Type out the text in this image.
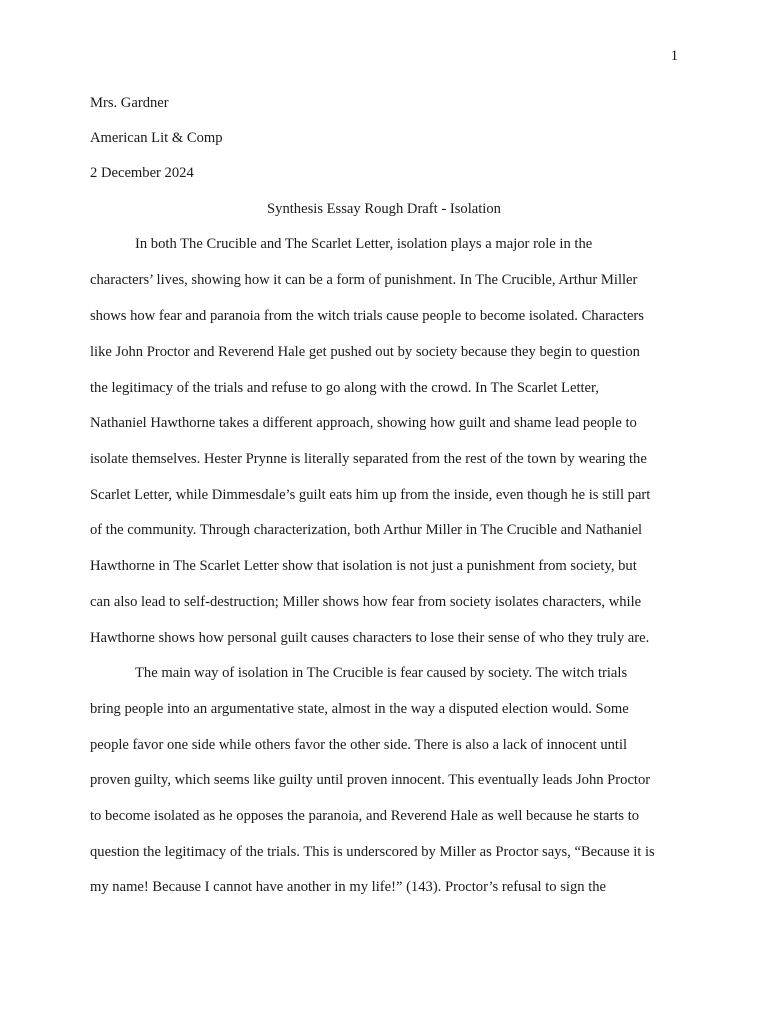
1
Mrs. Gardner
American Lit & Comp
2 December 2024
Synthesis Essay Rough Draft - Isolation
In both The Crucible and The Scarlet Letter, isolation plays a major role in the
characters’ lives, showing how it can be a form of punishment. In The Crucible, Arthur Miller
shows how fear and paranoia from the witch trials cause people to become isolated. Characters
like John Proctor and Reverend Hale get pushed out by society because they begin to question
the legitimacy of the trials and refuse to go along with the crowd. In The Scarlet Letter,
Nathaniel Hawthorne takes a different approach, showing how guilt and shame lead people to
isolate themselves. Hester Prynne is literally separated from the rest of the town by wearing the
Scarlet Letter, while Dimmesdale’s guilt eats him up from the inside, even though he is still part
of the community. Through characterization, both Arthur Miller in The Crucible and Nathaniel
Hawthorne in The Scarlet Letter show that isolation is not just a punishment from society, but
can also lead to self-destruction; Miller shows how fear from society isolates characters, while
Hawthorne shows how personal guilt causes characters to lose their sense of who they truly are.
The main way of isolation in The Crucible is fear caused by society. The witch trials
bring people into an argumentative state, almost in the way a disputed election would. Some
people favor one side while others favor the other side. There is also a lack of innocent until
proven guilty, which seems like guilty until proven innocent. This eventually leads John Proctor
to become isolated as he opposes the paranoia, and Reverend Hale as well because he starts to
question the legitimacy of the trials. This is underscored by Miller as Proctor says, “Because it is
my name! Because I cannot have another in my life!” (143). Proctor’s refusal to sign the
